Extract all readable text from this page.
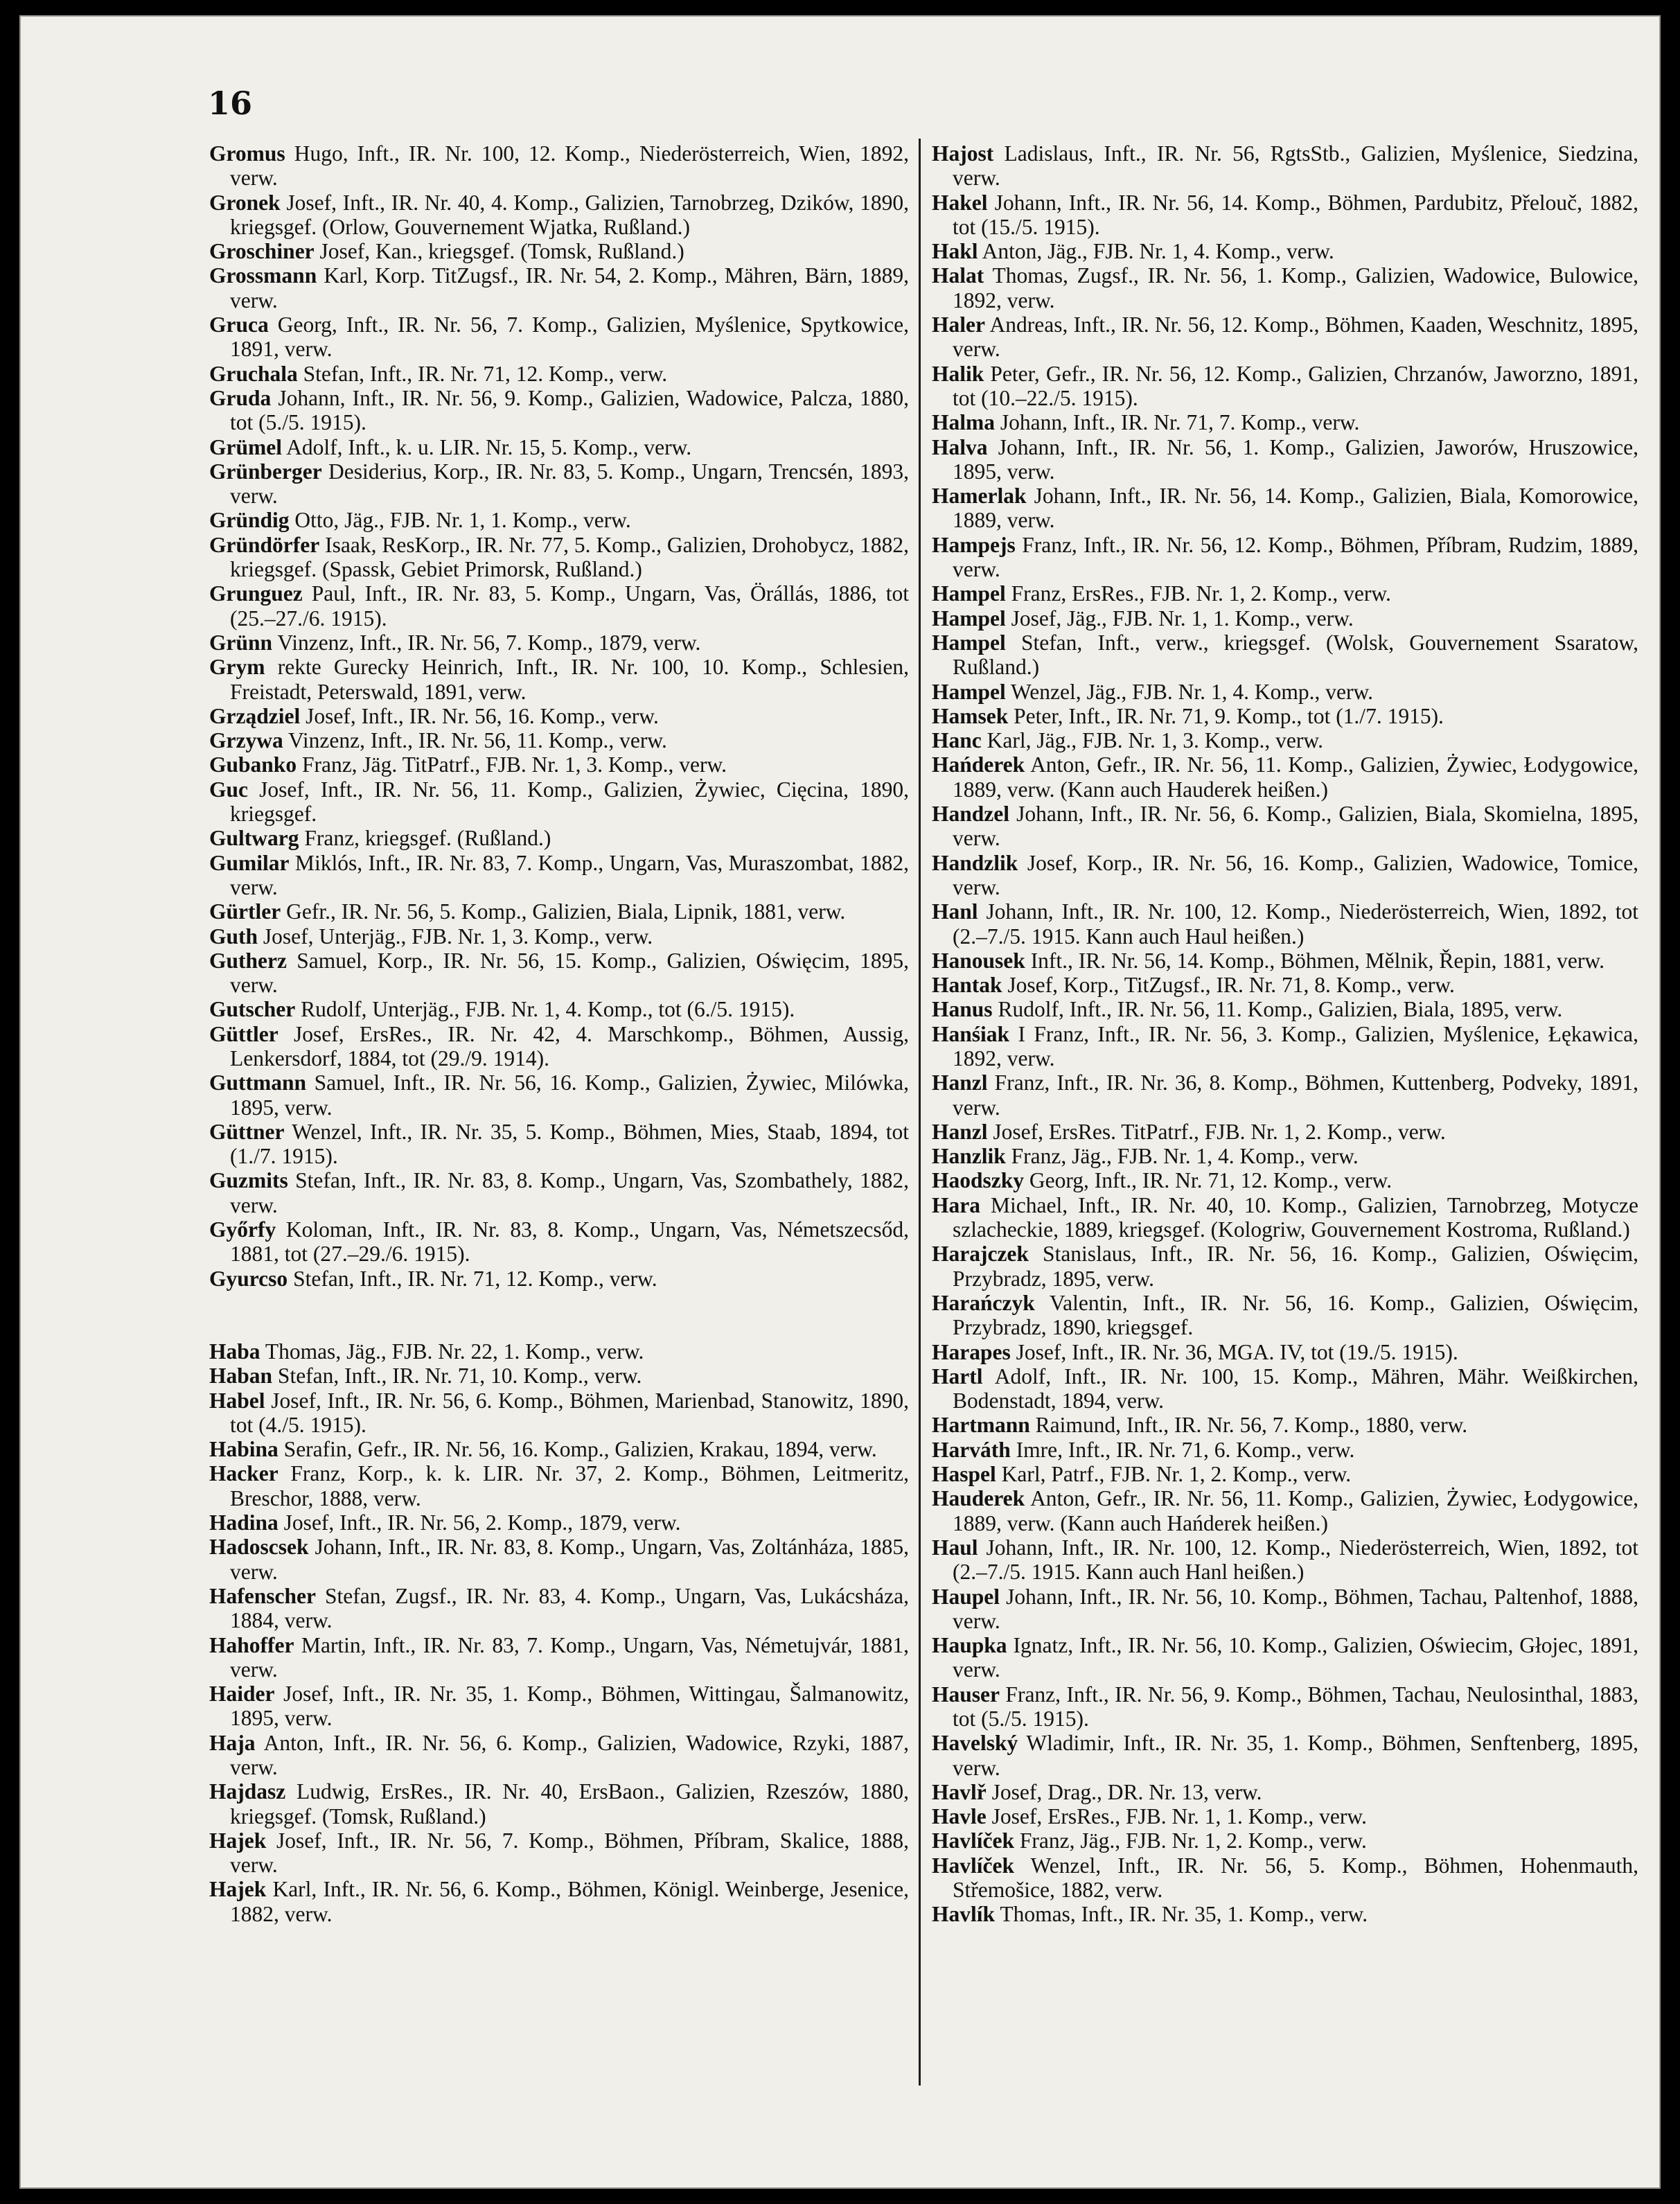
16
Gromus Hugo, Inft., IR. Nr. 100, 12. Komp., Niederösterreich, Wien, 1892, verw.
Gronek Josef, Inft., IR. Nr. 40, 4. Komp., Galizien, Tarnobrzeg, Dzików, 1890, kriegsgef. (Orlow, Gouvernement Wjatka, Rußland.)
Groschiner Josef, Kan., kriegsgef. (Tomsk, Rußland.)
Grossmann Karl, Korp. TitZugsf., IR. Nr. 54, 2. Komp., Mähren, Bärn, 1889, verw.
Gruca Georg, Inft., IR. Nr. 56, 7. Komp., Galizien, Myślenice, Spytkowice, 1891, verw.
Gruchala Stefan, Inft., IR. Nr. 71, 12. Komp., verw.
Gruda Johann, Inft., IR. Nr. 56, 9. Komp., Galizien, Wadowice, Palcza, 1880, tot (5./5. 1915).
Grümel Adolf, Inft., k. u. LIR. Nr. 15, 5. Komp., verw.
Grünberger Desiderius, Korp., IR. Nr. 83, 5. Komp., Ungarn, Trencsén, 1893, verw.
Gründig Otto, Jäg., FJB. Nr. 1, 1. Komp., verw.
Gründörfer Isaak, ResKorp., IR. Nr. 77, 5. Komp., Galizien, Drohobycz, 1882, kriegsgef. (Spassk, Gebiet Primorsk, Rußland.)
Grunguez Paul, Inft., IR. Nr. 83, 5. Komp., Ungarn, Vas, Örállás, 1886, tot (25.–27./6. 1915).
Grünn Vinzenz, Inft., IR. Nr. 56, 7. Komp., 1879, verw.
Grym rekte Gurecky Heinrich, Inft., IR. Nr. 100, 10. Komp., Schlesien, Freistadt, Peterswald, 1891, verw.
Grządziel Josef, Inft., IR. Nr. 56, 16. Komp., verw.
Grzywa Vinzenz, Inft., IR. Nr. 56, 11. Komp., verw.
Gubanko Franz, Jäg. TitPatrf., FJB. Nr. 1, 3. Komp., verw.
Guc Josef, Inft., IR. Nr. 56, 11. Komp., Galizien, Żywiec, Cięcina, 1890, kriegsgef.
Gultwarg Franz, kriegsgef. (Rußland.)
Gumilar Miklós, Inft., IR. Nr. 83, 7. Komp., Ungarn, Vas, Muraszombat, 1882, verw.
Gürtler Gefr., IR. Nr. 56, 5. Komp., Galizien, Biala, Lipnik, 1881, verw.
Guth Josef, Unterjäg., FJB. Nr. 1, 3. Komp., verw.
Gutherz Samuel, Korp., IR. Nr. 56, 15. Komp., Galizien, Oświęcim, 1895, verw.
Gutscher Rudolf, Unterjäg., FJB. Nr. 1, 4. Komp., tot (6./5. 1915).
Güttler Josef, ErsRes., IR. Nr. 42, 4. Marschkomp., Böhmen, Aussig, Lenkersdorf, 1884, tot (29./9. 1914).
Guttmann Samuel, Inft., IR. Nr. 56, 16. Komp., Galizien, Żywiec, Milówka, 1895, verw.
Güttner Wenzel, Inft., IR. Nr. 35, 5. Komp., Böhmen, Mies, Staab, 1894, tot (1./7. 1915).
Guzmits Stefan, Inft., IR. Nr. 83, 8. Komp., Ungarn, Vas, Szombathely, 1882, verw.
Győrfy Koloman, Inft., IR. Nr. 83, 8. Komp., Ungarn, Vas, Németszecsőd, 1881, tot (27.–29./6. 1915).
Gyurcso Stefan, Inft., IR. Nr. 71, 12. Komp., verw.
Haba Thomas, Jäg., FJB. Nr. 22, 1. Komp., verw.
Haban Stefan, Inft., IR. Nr. 71, 10. Komp., verw.
Habel Josef, Inft., IR. Nr. 56, 6. Komp., Böhmen, Marienbad, Stanowitz, 1890, tot (4./5. 1915).
Habina Serafin, Gefr., IR. Nr. 56, 16. Komp., Galizien, Krakau, 1894, verw.
Hacker Franz, Korp., k. k. LIR. Nr. 37, 2. Komp., Böhmen, Leitmeritz, Breschor, 1888, verw.
Hadina Josef, Inft., IR. Nr. 56, 2. Komp., 1879, verw.
Hadoscsek Johann, Inft., IR. Nr. 83, 8. Komp., Ungarn, Vas, Zoltánháza, 1885, verw.
Hafenscher Stefan, Zugsf., IR. Nr. 83, 4. Komp., Ungarn, Vas, Lukácsháza, 1884, verw.
Hahoffer Martin, Inft., IR. Nr. 83, 7. Komp., Ungarn, Vas, Németujvár, 1881, verw.
Haider Josef, Inft., IR. Nr. 35, 1. Komp., Böhmen, Wittingau, Šalmanowitz, 1895, verw.
Haja Anton, Inft., IR. Nr. 56, 6. Komp., Galizien, Wadowice, Rzyki, 1887, verw.
Hajdasz Ludwig, ErsRes., IR. Nr. 40, ErsBaon., Galizien, Rzeszów, 1880, kriegsgef. (Tomsk, Rußland.)
Hajek Josef, Inft., IR. Nr. 56, 7. Komp., Böhmen, Příbram, Skalice, 1888, verw.
Hajek Karl, Inft., IR. Nr. 56, 6. Komp., Böhmen, Königl. Weinberge, Jesenice, 1882, verw.
Hajost Ladislaus, Inft., IR. Nr. 56, RgtsStb., Galizien, Myślenice, Siedzina, verw.
Hakel Johann, Inft., IR. Nr. 56, 14. Komp., Böhmen, Pardubitz, Přelouč, 1882, tot (15./5. 1915).
Hakl Anton, Jäg., FJB. Nr. 1, 4. Komp., verw.
Halat Thomas, Zugsf., IR. Nr. 56, 1. Komp., Galizien, Wadowice, Bulowice, 1892, verw.
Haler Andreas, Inft., IR. Nr. 56, 12. Komp., Böhmen, Kaaden, Weschnitz, 1895, verw.
Halik Peter, Gefr., IR. Nr. 56, 12. Komp., Galizien, Chrzanów, Jaworzno, 1891, tot (10.–22./5. 1915).
Halma Johann, Inft., IR. Nr. 71, 7. Komp., verw.
Halva Johann, Inft., IR. Nr. 56, 1. Komp., Galizien, Jaworów, Hruszowice, 1895, verw.
Hamerlak Johann, Inft., IR. Nr. 56, 14. Komp., Galizien, Biala, Komorowice, 1889, verw.
Hampejs Franz, Inft., IR. Nr. 56, 12. Komp., Böhmen, Příbram, Rudzim, 1889, verw.
Hampel Franz, ErsRes., FJB. Nr. 1, 2. Komp., verw.
Hampel Josef, Jäg., FJB. Nr. 1, 1. Komp., verw.
Hampel Stefan, Inft., verw., kriegsgef. (Wolsk, Gouvernement Ssaratow, Rußland.)
Hampel Wenzel, Jäg., FJB. Nr. 1, 4. Komp., verw.
Hamsek Peter, Inft., IR. Nr. 71, 9. Komp., tot (1./7. 1915).
Hanc Karl, Jäg., FJB. Nr. 1, 3. Komp., verw.
Hańderek Anton, Gefr., IR. Nr. 56, 11. Komp., Galizien, Żywiec, Łodygowice, 1889, verw. (Kann auch Hauderek heißen.)
Handzel Johann, Inft., IR. Nr. 56, 6. Komp., Galizien, Biala, Skomielna, 1895, verw.
Handzlik Josef, Korp., IR. Nr. 56, 16. Komp., Galizien, Wadowice, Tomice, verw.
Hanl Johann, Inft., IR. Nr. 100, 12. Komp., Niederösterreich, Wien, 1892, tot (2.–7./5. 1915. Kann auch Haul heißen.)
Hanousek Inft., IR. Nr. 56, 14. Komp., Böhmen, Mělnik, Řepin, 1881, verw.
Hantak Josef, Korp., TitZugsf., IR. Nr. 71, 8. Komp., verw.
Hanus Rudolf, Inft., IR. Nr. 56, 11. Komp., Galizien, Biala, 1895, verw.
Hanśiak I Franz, Inft., IR. Nr. 56, 3. Komp., Galizien, Myślenice, Łękawica, 1892, verw.
Hanzl Franz, Inft., IR. Nr. 36, 8. Komp., Böhmen, Kuttenberg, Podveky, 1891, verw.
Hanzl Josef, ErsRes. TitPatrf., FJB. Nr. 1, 2. Komp., verw.
Hanzlik Franz, Jäg., FJB. Nr. 1, 4. Komp., verw.
Haodszky Georg, Inft., IR. Nr. 71, 12. Komp., verw.
Hara Michael, Inft., IR. Nr. 40, 10. Komp., Galizien, Tarnobrzeg, Motycze szlacheckie, 1889, kriegsgef. (Kologriw, Gouvernement Kostroma, Rußland.)
Harajczek Stanislaus, Inft., IR. Nr. 56, 16. Komp., Galizien, Oświęcim, Przybradz, 1895, verw.
Harańczyk Valentin, Inft., IR. Nr. 56, 16. Komp., Galizien, Oświęcim, Przybradz, 1890, kriegsgef.
Harapes Josef, Inft., IR. Nr. 36, MGA. IV, tot (19./5. 1915).
Hartl Adolf, Inft., IR. Nr. 100, 15. Komp., Mähren, Mähr. Weißkirchen, Bodenstadt, 1894, verw.
Hartmann Raimund, Inft., IR. Nr. 56, 7. Komp., 1880, verw.
Harváth Imre, Inft., IR. Nr. 71, 6. Komp., verw.
Haspel Karl, Patrf., FJB. Nr. 1, 2. Komp., verw.
Hauderek Anton, Gefr., IR. Nr. 56, 11. Komp., Galizien, Żywiec, Łodygowice, 1889, verw. (Kann auch Hańderek heißen.)
Haul Johann, Inft., IR. Nr. 100, 12. Komp., Niederösterreich, Wien, 1892, tot (2.–7./5. 1915. Kann auch Hanl heißen.)
Haupel Johann, Inft., IR. Nr. 56, 10. Komp., Böhmen, Tachau, Paltenhof, 1888, verw.
Haupka Ignatz, Inft., IR. Nr. 56, 10. Komp., Galizien, Oświecim, Głojec, 1891, verw.
Hauser Franz, Inft., IR. Nr. 56, 9. Komp., Böhmen, Tachau, Neulosinthal, 1883, tot (5./5. 1915).
Havelský Wladimir, Inft., IR. Nr. 35, 1. Komp., Böhmen, Senftenberg, 1895, verw.
Havlř Josef, Drag., DR. Nr. 13, verw.
Havle Josef, ErsRes., FJB. Nr. 1, 1. Komp., verw.
Havlíček Franz, Jäg., FJB. Nr. 1, 2. Komp., verw.
Havlíček Wenzel, Inft., IR. Nr. 56, 5. Komp., Böhmen, Hohenmauth, Střemošice, 1882, verw.
Havlík Thomas, Inft., IR. Nr. 35, 1. Komp., verw.
